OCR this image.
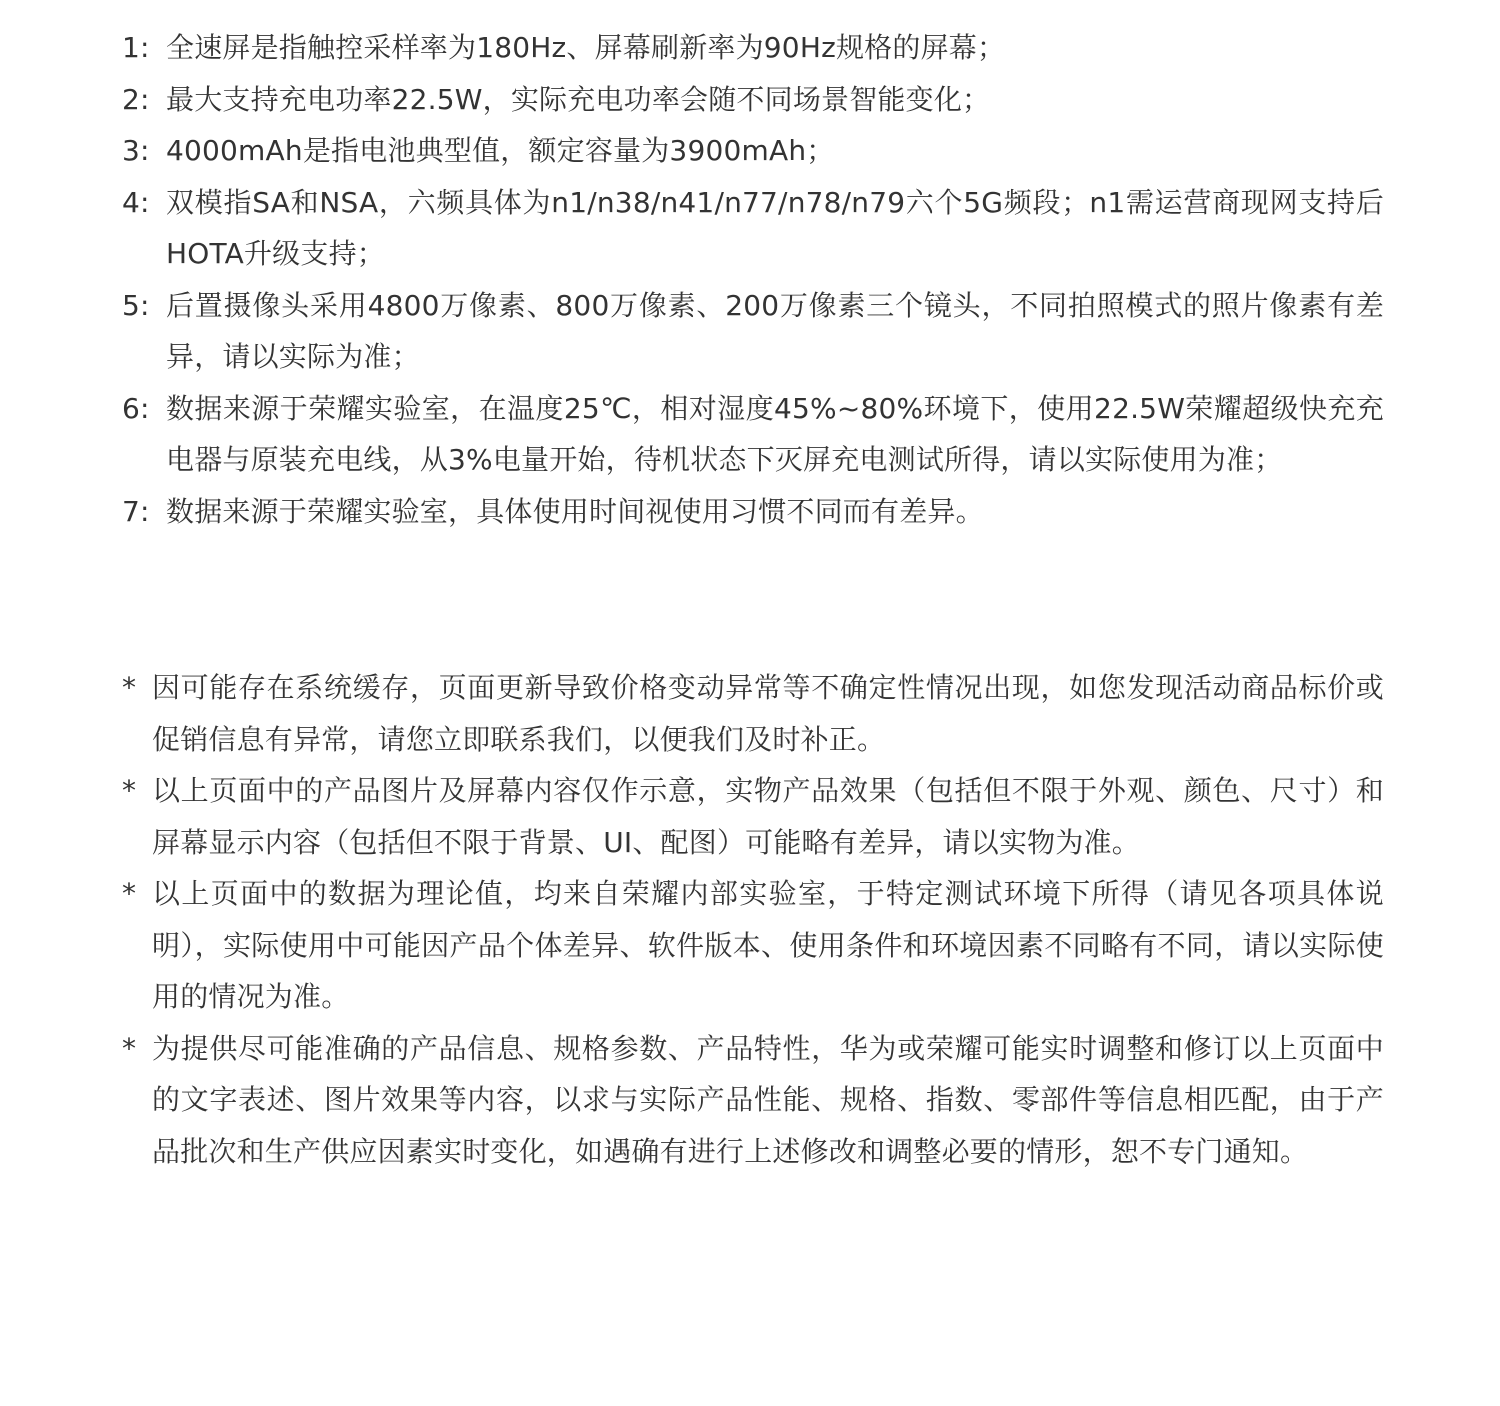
1: 全速屏是指触控采样率为180Hz、屏幕刷新率为90Hz规格的屏幕；
2: 最大支持充电功率22.5W，实际充电功率会随不同场景智能变化；
3: 4000mAh是指电池典型值，额定容量为3900mAh；
4: 双模指SA和NSA，六频具体为n1/n38/n41/n77/n78/n79六个5G频段；n1需运营商现网支持后HOTA升级支持；
5: 后置摄像头采用4800万像素、800万像素、200万像素三个镜头，不同拍照模式的照片像素有差异，请以实际为准；
6: 数据来源于荣耀实验室，在温度25℃，相对湿度45%~80%环境下，使用22.5W荣耀超级快充充电器与原装充电线，从3%电量开始，待机状态下灭屏充电测试所得，请以实际使用为准；
7: 数据来源于荣耀实验室，具体使用时间视使用习惯不同而有差异。
* 因可能存在系统缓存，页面更新导致价格变动异常等不确定性情况出现，如您发现活动商品标价或促销信息有异常，请您立即联系我们，以便我们及时补正。
* 以上页面中的产品图片及屏幕内容仅作示意，实物产品效果（包括但不限于外观、颜色、尺寸）和屏幕显示内容（包括但不限于背景、UI、配图）可能略有差异，请以实物为准。
* 以上页面中的数据为理论值，均来自荣耀内部实验室，于特定测试环境下所得（请见各项具体说明），实际使用中可能因产品个体差异、软件版本、使用条件和环境因素不同略有不同，请以实际使用的情况为准。
* 为提供尽可能准确的产品信息、规格参数、产品特性，华为或荣耀可能实时调整和修订以上页面中的文字表述、图片效果等内容，以求与实际产品性能、规格、指数、零部件等信息相匹配，由于产品批次和生产供应因素实时变化，如遇确有进行上述修改和调整必要的情形，恕不专门通知。
